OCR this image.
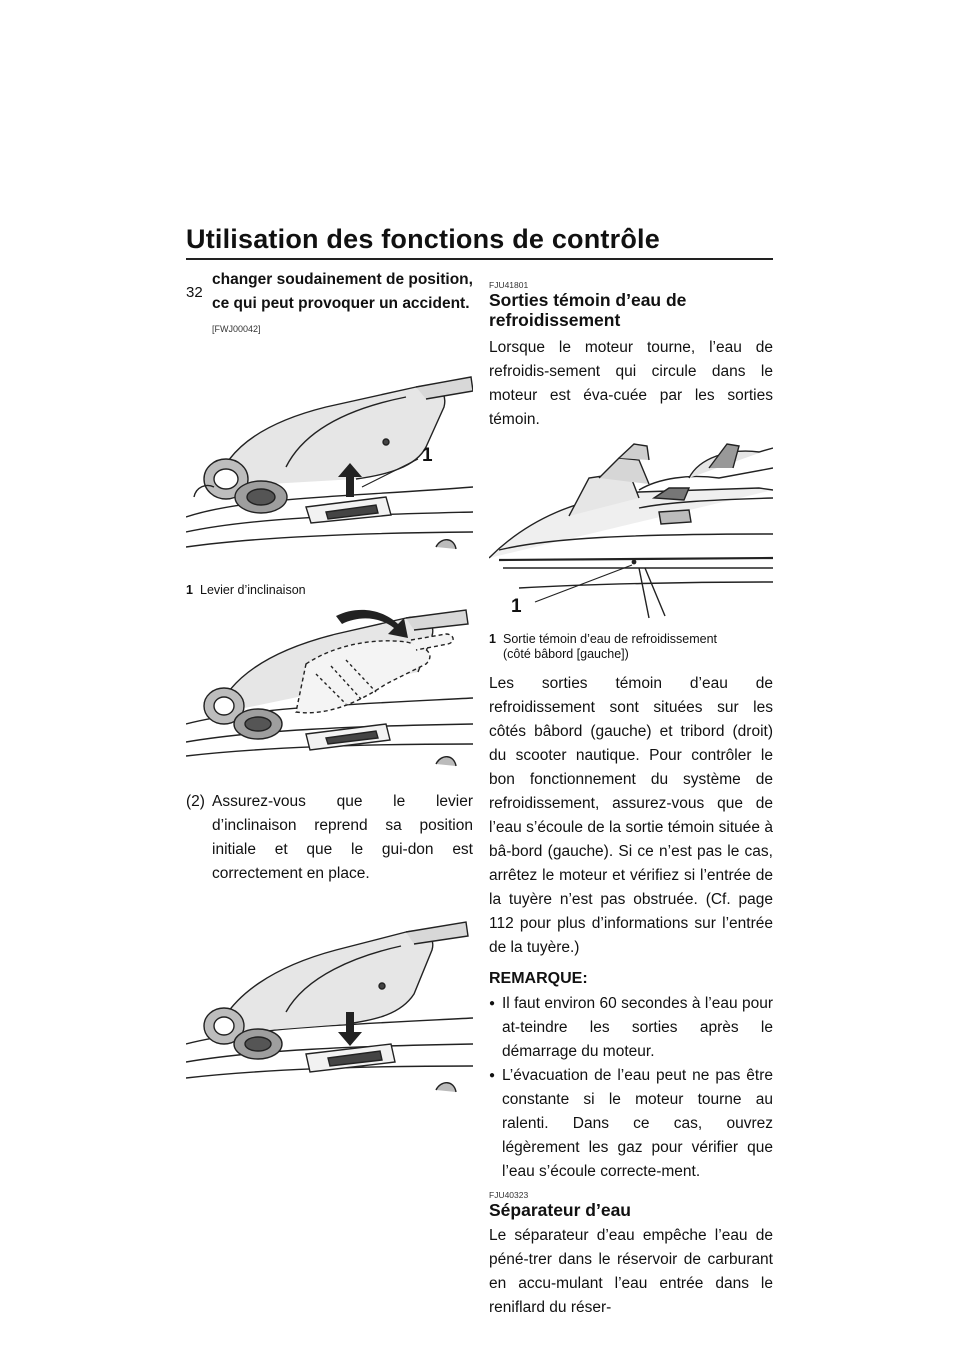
Utilisation des fonctions de contrôle
32

changer soudainement de position, ce qui peut provoquer un accident. [FWJ00042]

1
1 Levier d’inclinaison
(2) Assurez-vous que le levier d’inclinaison reprend sa position initiale et que le gui-don est correctement en place.

FJU41801

Sorties témoin d’eau de refroidissement

Lorsque le moteur tourne, l’eau de refroidis-sement qui circule dans le moteur est éva-cuée par les sorties témoin.

1
1 Sortie témoin d’eau de refroidissement
(côté bâbord [gauche])

Les sorties témoin d’eau de refroidissement sont situées sur les côtés bâbord (gauche) et tribord (droit) du scooter nautique. Pour contrôler le bon fonctionnement du système de refroidissement, assurez-vous que de l’eau s’écoule de la sortie témoin située à bâ-bord (gauche). Si ce n’est pas le cas, arrêtez le moteur et vérifiez si l’entrée de la tuyère n’est pas obstruée. (Cf. page 112 pour plus d’informations sur l’entrée de la tuyère.)

REMARQUE:
● Il faut environ 60 secondes à l’eau pour at-teindre les sorties après le démarrage du moteur.
● L’évacuation de l’eau peut ne pas être constante si le moteur tourne au ralenti. Dans ce cas, ouvrez légèrement les gaz pour vérifier que l’eau s’écoule correcte-ment.

FJU40323

Séparateur d’eau

Le séparateur d’eau empêche l’eau de péné-trer dans le réservoir de carburant en accu-mulant l’eau entrée dans le reniflard du réser-
